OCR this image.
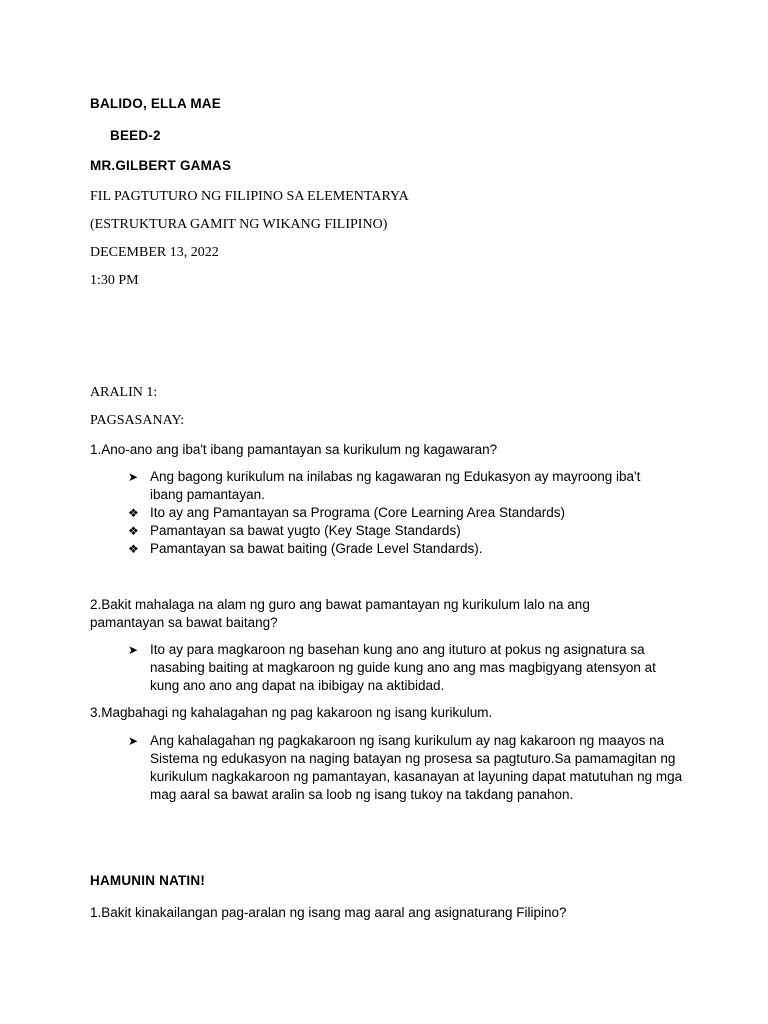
BALIDO, ELLA MAE
BEED-2
MR.GILBERT GAMAS
FIL PAGTUTURO NG FILIPINO SA ELEMENTARYA
(ESTRUKTURA GAMIT NG WIKANG FILIPINO)
DECEMBER 13, 2022
1:30 PM
ARALIN 1:
PAGSASANAY:
1.Ano-ano ang iba't ibang pamantayan sa kurikulum ng kagawaran?
➤ Ang bagong kurikulum na inilabas ng kagawaran ng Edukasyon ay mayroong iba't ibang pamantayan.
❖ Ito ay ang Pamantayan sa Programa (Core Learning Area Standards)
❖ Pamantayan sa bawat yugto (Key Stage Standards)
❖ Pamantayan sa bawat baiting (Grade Level Standards).
2.Bakit mahalaga na alam ng guro ang bawat pamantayan ng kurikulum lalo na ang pamantayan sa bawat baitang?
➤ Ito ay para magkaroon ng basehan kung ano ang ituturo at pokus ng asignatura sa nasabing baiting at magkaroon ng guide kung ano ang mas magbigyang atensyon at kung ano ano ang dapat na ibibigay na aktibidad.
3.Magbahagi ng kahalagahan ng pag kakaroon ng isang kurikulum.
➤ Ang kahalagahan ng pagkakaroon ng isang kurikulum ay nag kakaroon ng maayos na Sistema ng edukasyon na naging batayan ng prosesa sa pagtuturo.Sa pamamagitan ng kurikulum nagkakaroon ng pamantayan, kasanayan at layuning dapat matutuhan ng mga mag aaral sa bawat aralin sa loob ng isang tukoy na takdang panahon.
HAMUNIN NATIN!
1.Bakit kinakailangan pag-aralan ng isang mag aaral ang asignaturang Filipino?
